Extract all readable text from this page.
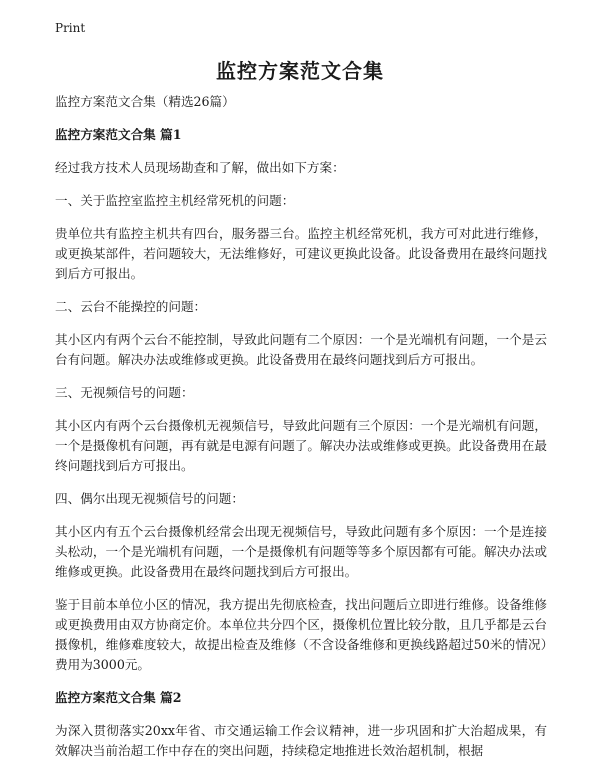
Print
监控方案范文合集

监控方案范文合集（精选26篇）

监控方案范文合集 篇1

经过我方技术人员现场勘查和了解，做出如下方案：

一、关于监控室监控主机经常死机的问题：

贵单位共有监控主机共有四台，服务器三台。监控主机经常死机，我方可对此进行维修，或更换某部件，若问题较大，无法维修好，可建议更换此设备。此设备费用在最终问题找到后方可报出。

二、云台不能操控的问题：

其小区内有两个云台不能控制，导致此问题有二个原因：一个是光端机有问题，一个是云台有问题。解决办法或维修或更换。此设备费用在最终问题找到后方可报出。

三、无视频信号的问题：

其小区内有两个云台摄像机无视频信号，导致此问题有三个原因：一个是光端机有问题，一个是摄像机有问题，再有就是电源有问题了。解决办法或维修或更换。此设备费用在最终问题找到后方可报出。

四、偶尔出现无视频信号的问题：

其小区内有五个云台摄像机经常会出现无视频信号，导致此问题有多个原因：一个是连接头松动，一个是光端机有问题，一个是摄像机有问题等等多个原因都有可能。解决办法或维修或更换。此设备费用在最终问题找到后方可报出。

鉴于目前本单位小区的情况，我方提出先彻底检查，找出问题后立即进行维修。设备维修或更换费用由双方协商定价。本单位共分四个区，摄像机位置比较分散，且几乎都是云台摄像机，维修难度较大，故提出检查及维修（不含设备维修和更换线路超过50米的情况）费用为3000元。

监控方案范文合集 篇2

为深入贯彻落实20xx年省、市交通运输工作会议精神，进一步巩固和扩大治超成果，有效解决当前治超工作中存在的突出问题，持续稳定地推进长效治超机制，根据
